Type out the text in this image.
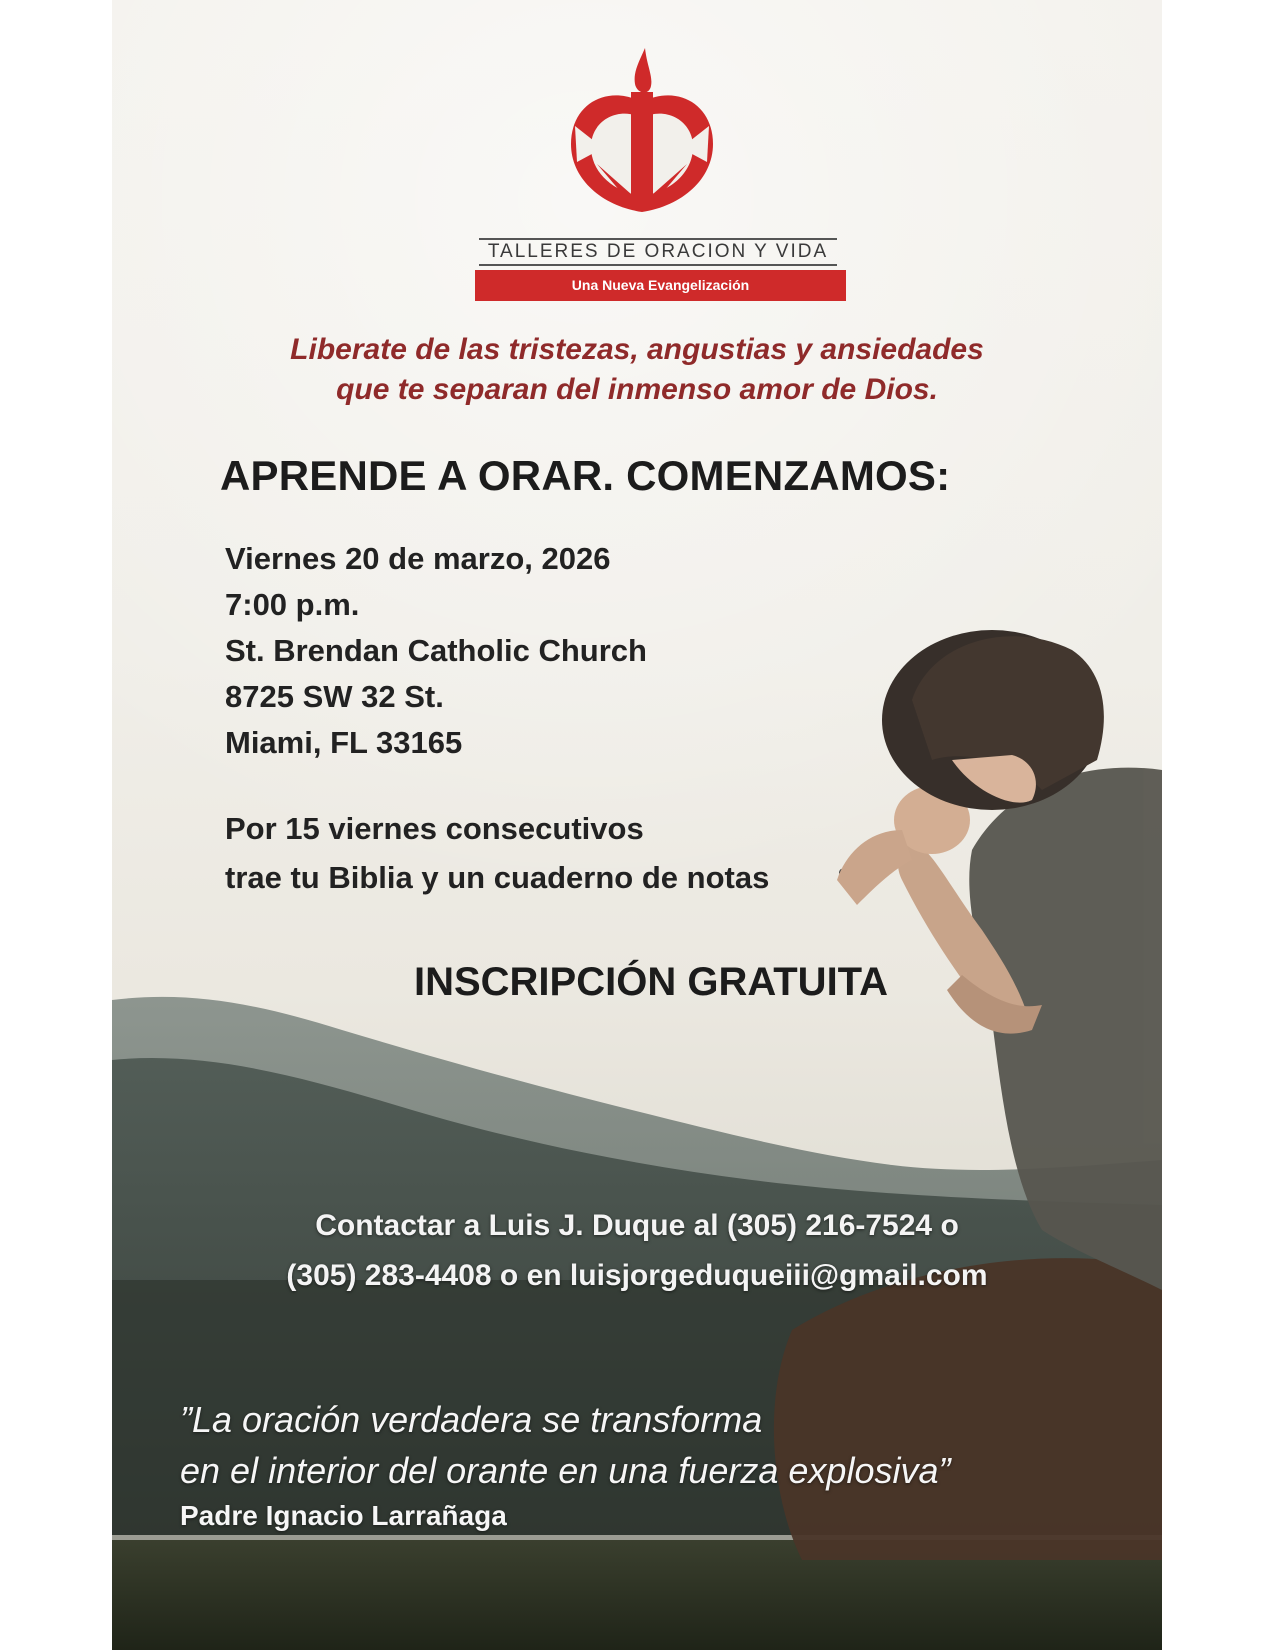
TALLERES DE ORACION Y VIDA
Una Nueva Evangelización
Liberate de las tristezas, angustias y ansiedades
que te separan del inmenso amor de Dios.
APRENDE A ORAR. COMENZAMOS:
Viernes 20 de marzo, 2026
7:00 p.m.
St. Brendan Catholic Church
8725 SW 32 St.
Miami, FL 33165
Por 15 viernes consecutivos
trae tu Biblia y un cuaderno de notas
INSCRIPCIÓN GRATUITA
Contactar a Luis J. Duque al (305) 216-7524 o
(305) 283-4408 o en luisjorgeduqueiii@gmail.com
”La oración verdadera se transforma
en el interior del orante en una fuerza explosiva”
Padre Ignacio Larrañaga
